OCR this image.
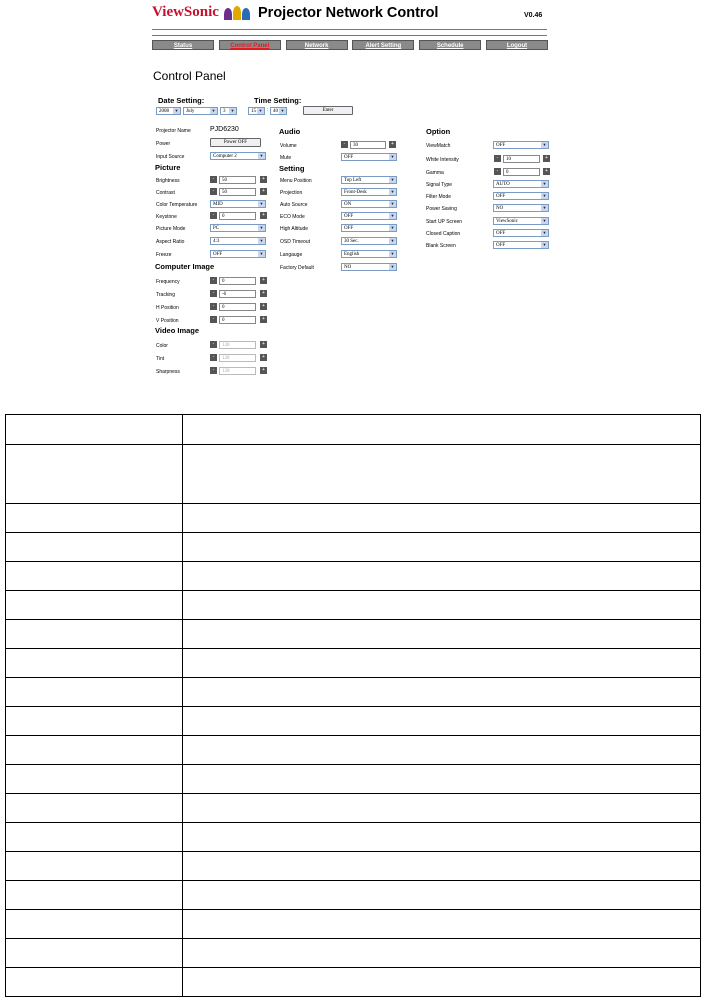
ViewSonic	Projector Network Control	V0.46
Status	Control Panel	Network	Alert Setting	Schedule	Logout
Control Panel
Date Setting:	Time Setting:
2008	▼	July	▼	3	▼	15 ▼ : 40 ▼	Enter
Projector Name	PJD6230
Power	Power OFF
Input Source	Computer 2	▼
Picture
Brightness	-	50	+
Contrast	-	50	+
Color Temperature	MID	▼
Keystone	-	0	+
Picture Mode	PC	▼
Aspect Ratio	4:3	▼
Freeze	OFF	▼
Computer Image
Frequency	-	0	+
Tracking	-	-6	+
H Position	-	0	+
V Position	-	0	+
Video Image
Color	-	128	+
Tint	-	128	+
Sharpness	-	128	+
Audio
Volume	-	30	+
Mute	OFF	▼
Setting
Menu Position	Top Left	▼
Projection	Front-Desk	▼
Auto Source	ON	▼
ECO Mode	OFF	▼
High Altitude	OFF	▼
OSD Timeout	30 Sec.	▼
Langauge	English	▼
Factory Default	NO	▼
Option
ViewMatch	OFF	▼
White Intensity	-	10	+
Gamma	-	0	+
Signal Type	AUTO	▼
Filter Mode	OFF	▼
Power Saving	NO	▼
Start UP Screen	ViewSonic	▼
Closed Caption	OFF	▼
Blank Screen	OFF	▼
